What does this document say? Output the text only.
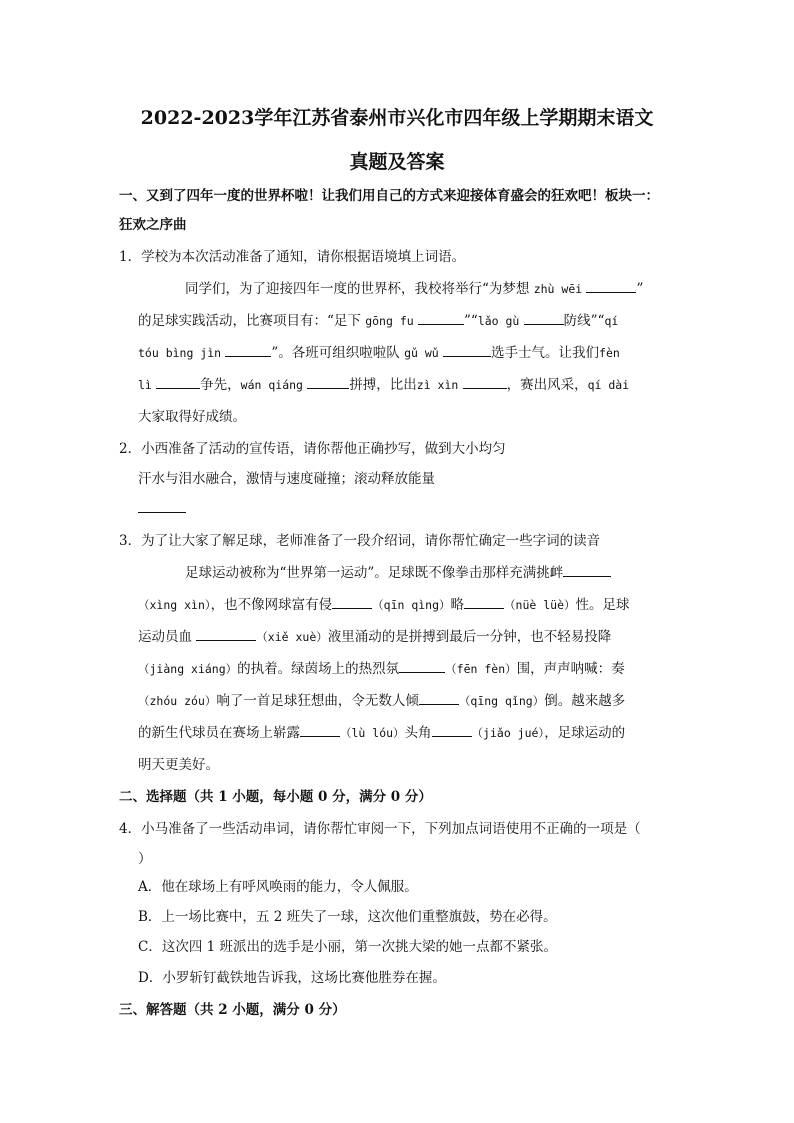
2022-2023学年江苏省泰州市兴化市四年级上学期期末语文
真题及答案
一、又到了四年一度的世界杯啦！让我们用自己的方式来迎接体育盛会的狂欢吧！板块一：
狂欢之序曲
1．学校为本次活动准备了通知，请你根据语境填上词语。
同学们，为了迎接四年一度的世界杯，我校将举行“为梦想 zhù wēi	”
的足球实践活动，比赛项目有：“足下 gōng fu	”“lǎo gù	防线”“qí
tóu bìng jìn	”。各班可组织啦啦队 gǔ wǔ	选手士气。让我们fèn
lì	争先，wán qiáng	拼搏，比出zì xìn	，赛出风采，qí dài
大家取得好成绩。
2．小西准备了活动的宣传语，请你帮他正确抄写，做到大小均匀
汗水与泪水融合，激情与速度碰撞；滚动释放能量
3．为了让大家了解足球，老师准备了一段介绍词，请你帮忙确定一些字词的读音
足球运动被称为“世界第一运动”。足球既不像拳击那样充满挑衅
（xìng xìn），也不像网球富有侵	（qīn qìng）略	（nüè lüè）性。足球
运动员血	（xiě xuè）液里涌动的是拼搏到最后一分钟，也不轻易投降
（jiàng xiáng）的执着。绿茵场上的热烈氛	（fēn fèn）围，声声呐喊：奏
（zhóu zóu）响了一首足球狂想曲，令无数人倾	（qīng qǐng）倒。越来越多
的新生代球员在赛场上崭露	（lù lóu）头角	（jiǎo jué），足球运动的
明天更美好。
二、选择题（共 1 小题，每小题 0 分，满分 0 分）
4．小马准备了一些活动串词，请你帮忙审阅一下，下列加点词语使用不正确的一项是（
）
A．他在球场上有呼风唤雨的能力，令人佩服。
B．上一场比赛中，五 2 班失了一球，这次他们重整旗鼓，势在必得。
C．这次四 1 班派出的选手是小丽，第一次挑大梁的她一点都不紧张。
D．小罗斩钉截铁地告诉我，这场比赛他胜券在握。
三、解答题（共 2 小题，满分 0 分）
